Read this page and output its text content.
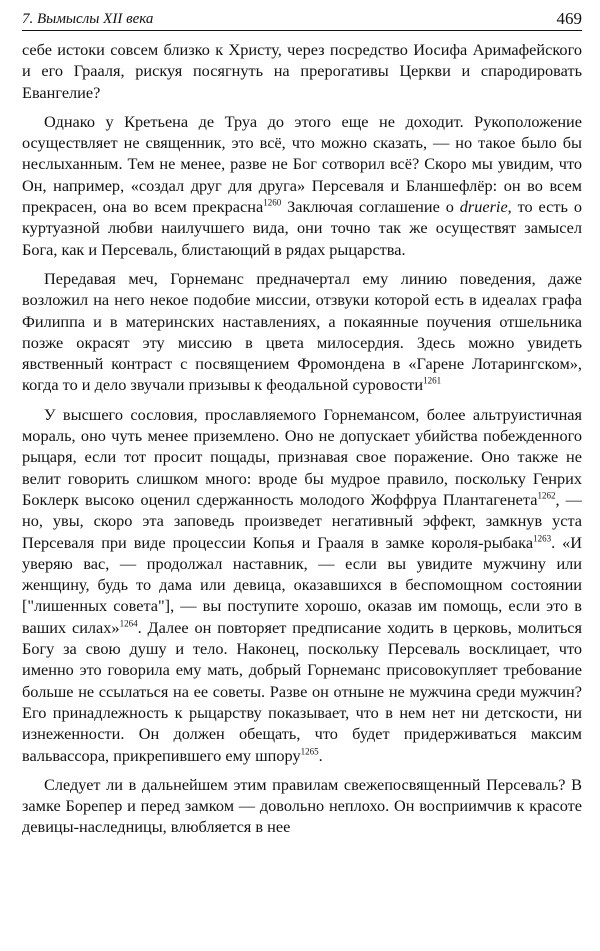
7. Вымыслы XII века	469

себе истоки совсем близко к Христу, через посредство Иосифа Аримафейского и его Грааля, рискуя посягнуть на прерогативы Церкви и спародировать Евангелие?

Однако у Кретьена де Труа до этого еще не доходит. Рукоположение осуществляет не священник, это всё, что можно сказать, — но такое было бы неслыханным. Тем не менее, разве не Бог сотворил всё? Скоро мы увидим, что Он, например, «создал друг для друга» Персеваля и Бланшефлёр: он во всем прекрасен, она во всем прекрасна$^{1260}$ Заключая соглашение о druerie, то есть о куртуазной любви наилучшего вида, они точно так же осуществят замысел Бога, как и Персеваль, блистающий в рядах рыцарства.

Передавая меч, Горнеманс предначертал ему линию поведения, даже возложил на него некое подобие миссии, отзвуки которой есть в идеалах графа Филиппа и в материнских наставлениях, а покаянные поучения отшельника позже окрасят эту миссию в цвета милосердия. Здесь можно увидеть явственный контраст с посвящением Фромондена в «Гарене Лотарингском», когда то и дело звучали призывы к феодальной суровости$^{1261}$

У высшего сословия, прославляемого Горнемансом, более альтруистичная мораль, оно чуть менее приземлено. Оно не допускает убийства побежденного рыцаря, если тот просит пощады, признавая свое поражение. Оно также не велит говорить слишком много: вроде бы мудрое правило, поскольку Генрих Боклерк высоко оценил сдержанность молодого Жоффруа Плантагенета$^{1262}$, — но, увы, скоро эта заповедь произведет негативный эффект, замкнув уста Персеваля при виде процессии Копья и Грааля в замке короля-рыбака$^{1263}$. «И уверяю вас, — продолжал наставник, — если вы увидите мужчину или женщину, будь то дама или девица, оказавшихся в беспомощном состоянии ["лишенных совета"], — вы поступите хорошо, оказав им помощь, если это в ваших силах»$^{1264}$. Далее он повторяет предписание ходить в церковь, молиться Богу за свою душу и тело. Наконец, поскольку Персеваль восклицает, что именно это говорила ему мать, добрый Горнеманс присовокупляет требование больше не ссылаться на ее советы. Разве он отныне не мужчина среди мужчин? Его принадлежность к рыцарству показывает, что в нем нет ни детскости, ни изнеженности. Он должен обещать, что будет придерживаться максим вальвассора, прикрепившего ему шпору$^{1265}$.

Следует ли в дальнейшем этим правилам свежепосвященный Персеваль? В замке Борепер и перед замком — довольно неплохо. Он восприимчив к красоте девицы-наследницы, влюбляется в нее
